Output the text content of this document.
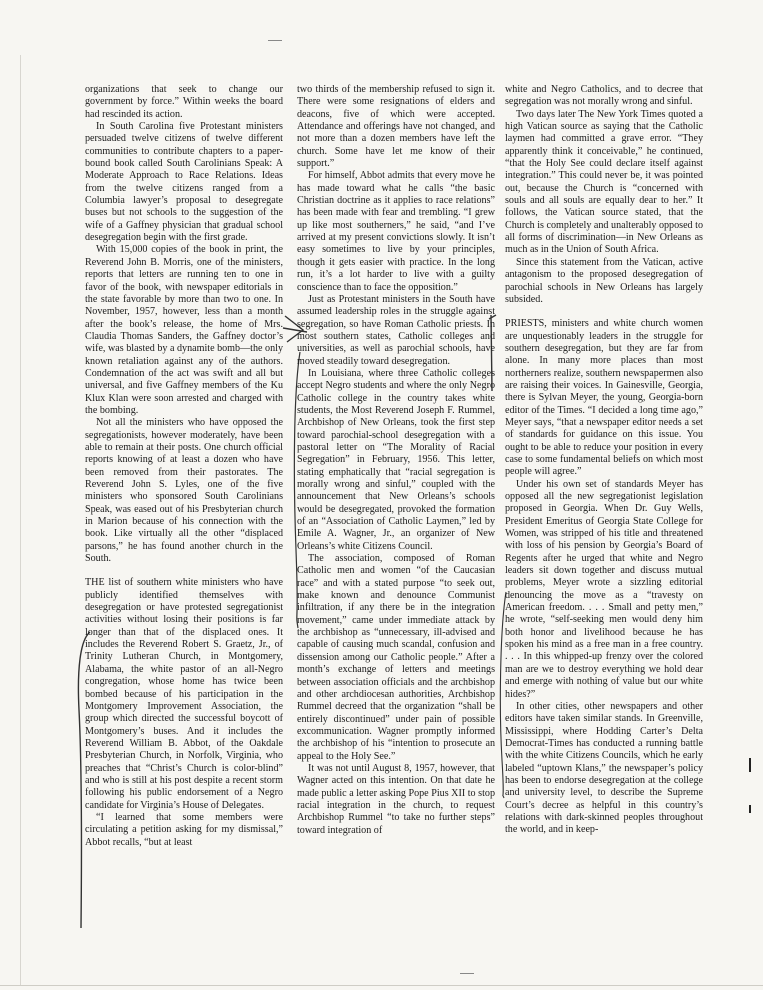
organizations that seek to change our government by force.” Within weeks the board had rescinded its action.

In South Carolina five Protestant ministers persuaded twelve citizens of twelve different communities to contribute chapters to a paper-bound book called South Carolinians Speak: A Moderate Approach to Race Relations. Ideas from the twelve citizens ranged from a Columbia lawyer’s proposal to desegregate buses but not schools to the suggestion of the wife of a Gaffney physician that gradual school desegregation begin with the first grade.

With 15,000 copies of the book in print, the Reverend John B. Morris, one of the ministers, reports that letters are running ten to one in favor of the book, with newspaper editorials in the state favorable by more than two to one. In November, 1957, however, less than a month after the book’s release, the home of Mrs. Claudia Thomas Sanders, the Gaffney doctor’s wife, was blasted by a dynamite bomb—the only known retaliation against any of the authors. Condemnation of the act was swift and all but universal, and five Gaffney members of the Ku Klux Klan were soon arrested and charged with the bombing.

Not all the ministers who have opposed the segregationists, however moderately, have been able to remain at their posts. One church official reports knowing of at least a dozen who have been removed from their pastorates. The Reverend John S. Lyles, one of the five ministers who sponsored South Carolinians Speak, was eased out of his Presbyterian church in Marion because of his connection with the book. Like virtually all the other “displaced parsons,” he has found another church in the South.

THE list of southern white ministers who have publicly identified themselves with desegregation or have protested segregationist activities without losing their positions is far longer than that of the displaced ones. It includes the Reverend Robert S. Graetz, Jr., of Trinity Lutheran Church, in Montgomery, Alabama, the white pastor of an all-Negro congregation, whose home has twice been bombed because of his participation in the Montgomery Improvement Association, the group which directed the successful boycott of Montgomery’s buses. And it includes the Reverend William B. Abbot, of the Oakdale Presbyterian Church, in Norfolk, Virginia, who preaches that “Christ’s Church is color-blind” and who is still at his post despite a recent storm following his public endorsement of a Negro candidate for Virginia’s House of Delegates.

“I learned that some members were circulating a petition asking for my dismissal,” Abbot recalls, “but at least

two thirds of the membership refused to sign it. There were some resignations of elders and deacons, five of which were accepted. Attendance and offerings have not changed, and not more than a dozen members have left the church. Some have let me know of their support.”

For himself, Abbot admits that every move he has made toward what he calls “the basic Christian doctrine as it applies to race relations” has been made with fear and trembling. “I grew up like most southerners,” he said, “and I’ve arrived at my present convictions slowly. It isn’t easy sometimes to live by your principles, though it gets easier with practice. In the long run, it’s a lot harder to live with a guilty conscience than to face the opposition.”

Just as Protestant ministers in the South have assumed leadership roles in the struggle against segregation, so have Roman Catholic priests. In most southern states, Catholic colleges and universities, as well as parochial schools, have moved steadily toward desegregation.

In Louisiana, where three Catholic colleges accept Negro students and where the only Negro Catholic college in the country takes white students, the Most Reverend Joseph F. Rummel, Archbishop of New Orleans, took the first step toward parochial-school desegregation with a pastoral letter on “The Morality of Racial Segregation” in February, 1956. This letter, stating emphatically that “racial segregation is morally wrong and sinful,” coupled with the announcement that New Orleans’s schools would be desegregated, provoked the formation of an “Association of Catholic Laymen,” led by Emile A. Wagner, Jr., an organizer of New Orleans’s white Citizens Council.

The association, composed of Roman Catholic men and women “of the Caucasian race” and with a stated purpose “to seek out, make known and denounce Communist infiltration, if any there be in the integration movement,” came under immediate attack by the archbishop as “unnecessary, ill-advised and capable of causing much scandal, confusion and dissension among our Catholic people.” After a month’s exchange of letters and meetings between association officials and the archbishop and other archdiocesan authorities, Archbishop Rummel decreed that the organization “shall be entirely discontinued” under pain of possible excommunication. Wagner promptly informed the archbishop of his “intention to prosecute an appeal to the Holy See.”

It was not until August 8, 1957, however, that Wagner acted on this intention. On that date he made public a letter asking Pope Pius XII to stop racial integration in the church, to request Archbishop Rummel “to take no further steps” toward integration of

white and Negro Catholics, and to decree that segregation was not morally wrong and sinful.

Two days later The New York Times quoted a high Vatican source as saying that the Catholic laymen had committed a grave error. “They apparently think it conceivable,” he continued, “that the Holy See could declare itself against integration.” This could never be, it was pointed out, because the Church is “concerned with souls and all souls are equally dear to her.” It follows, the Vatican source stated, that the Church is completely and unalterably opposed to all forms of discrimination—in New Orleans as much as in the Union of South Africa.

Since this statement from the Vatican, active antagonism to the proposed desegregation of parochial schools in New Orleans has largely subsided.

PRIESTS, ministers and white church women are unquestionably leaders in the struggle for southern desegregation, but they are far from alone. In many more places than most northerners realize, southern newspapermen also are raising their voices. In Gainesville, Georgia, there is Sylvan Meyer, the young, Georgia-born editor of the Times. “I decided a long time ago,” Meyer says, “that a newspaper editor needs a set of standards for guidance on this issue. You ought to be able to reduce your position in every case to some fundamental beliefs on which most people will agree.”

Under his own set of standards Meyer has opposed all the new segregationist legislation proposed in Georgia. When Dr. Guy Wells, President Emeritus of Georgia State College for Women, was stripped of his title and threatened with loss of his pension by Georgia’s Board of Regents after he urged that white and Negro leaders sit down together and discuss mutual problems, Meyer wrote a sizzling editorial denouncing the move as a “travesty on American freedom. . . . Small and petty men,” he wrote, “self-seeking men would deny him both honor and livelihood because he has spoken his mind as a free man in a free country. . . . In this whipped-up frenzy over the colored man are we to destroy everything we hold dear and emerge with nothing of value but our white hides?”

In other cities, other newspapers and other editors have taken similar stands. In Greenville, Mississippi, where Hodding Carter’s Delta Democrat-Times has conducted a running battle with the white Citizens Councils, which he early labeled “uptown Klans,” the newspaper’s policy has been to endorse desegregation at the college and university level, to describe the Supreme Court’s decree as helpful in this country’s relations with dark-skinned peoples throughout the world, and in keep-
